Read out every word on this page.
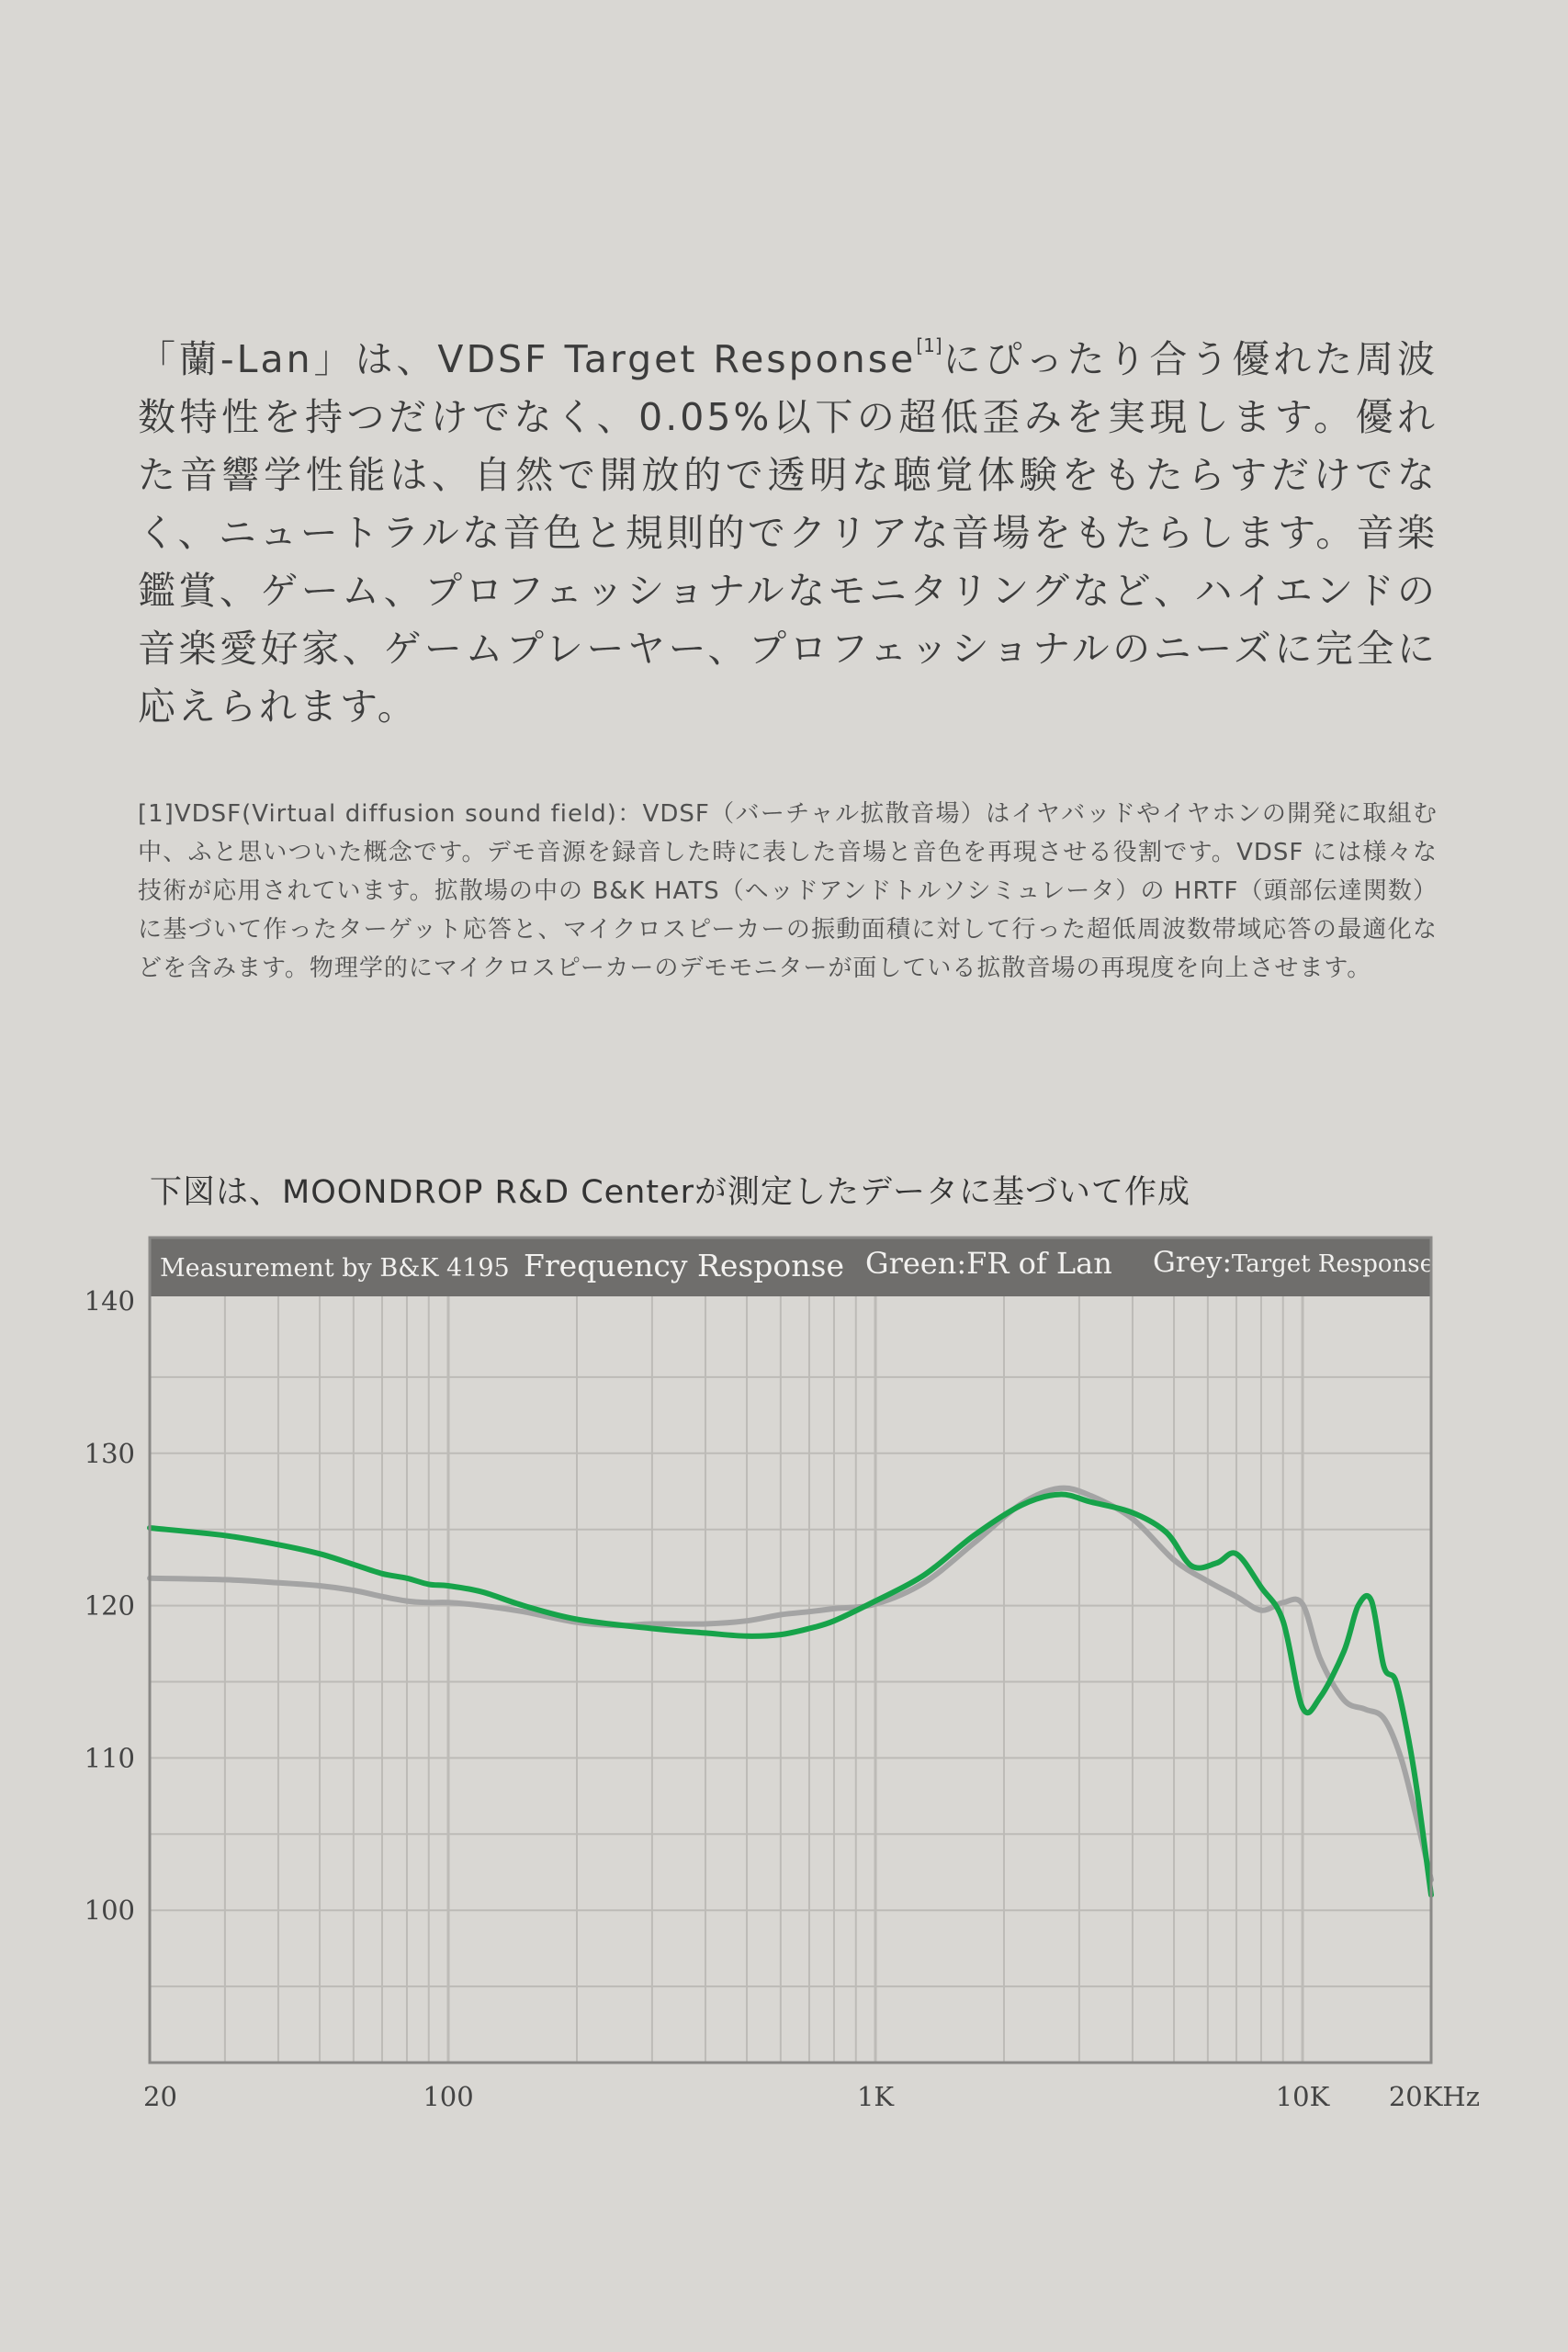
「蘭-Lan」は、VDSF Target Response[1]にぴったり合う優れた周波数特性を持つだけでなく、0.05%以下の超低歪みを実現します。優れた音響学性能は、自然で開放的で透明な聴覚体験をもたらすだけでなく、ニュートラルな音色と規則的でクリアな音場をもたらします。音楽鑑賞、ゲーム、プロフェッショナルなモニタリングなど、ハイエンドの音楽愛好家、ゲームプレーヤー、プロフェッショナルのニーズに完全に応えられます。

[1]VDSF(Virtual diffusion sound field)：VDSF（バーチャル拡散音場）はイヤバッドやイヤホンの開発に取組む中、ふと思いついた概念です。デモ音源を録音した時に表した音場と音色を再現させる役割です。VDSF には様々な技術が応用されています。拡散場の中の B&K HATS（ヘッドアンドトルソシミュレータ）の HRTF（頭部伝達関数）に基づいて作ったターゲット応答と、マイクロスピーカーの振動面積に対して行った超低周波数帯域応答の最適化などを含みます。物理学的にマイクロスピーカーのデモモニターが面している拡散音場の再現度を向上させます。

下図は、MOONDROP R&D Centerが測定したデータに基づいて作成

Measurement by B&K 4195 Frequency Response Green:FR of Lan Grey:Target Response
100
110
120
130
140
20	100	1K	10K 20KHz
